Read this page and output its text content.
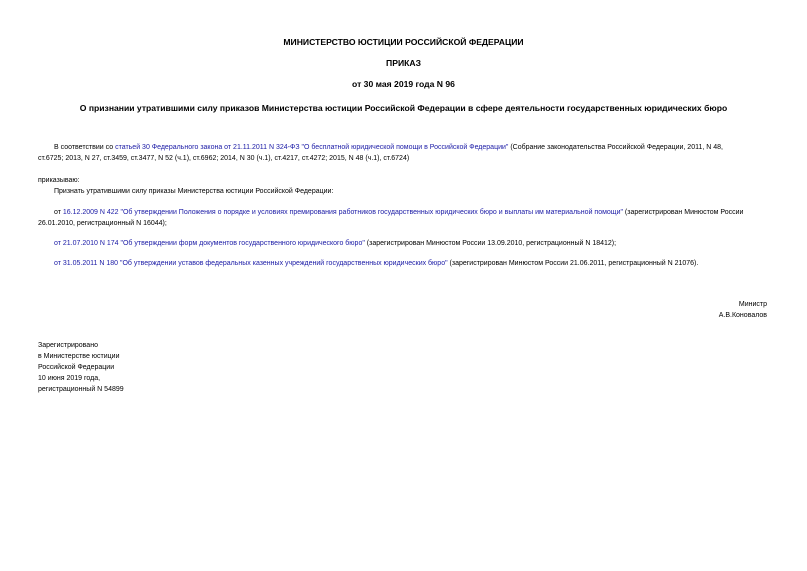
МИНИСТЕРСТВО ЮСТИЦИИ РОССИЙСКОЙ ФЕДЕРАЦИИ
ПРИКАЗ
от 30 мая 2019 года N 96
О признании утратившими силу приказов Министерства юстиции Российской Федерации в сфере деятельности государственных юридических бюро
В соответствии со статьей 30 Федерального закона от 21.11.2011 N 324-ФЗ "О бесплатной юридической помощи в Российской Федерации" (Собрание законодательства Российской Федерации, 2011, N 48,
ст.6725; 2013, N 27, ст.3459, ст.3477, N 52 (ч.1), ст.6962; 2014, N 30 (ч.1), ст.4217, ст.4272; 2015, N 48 (ч.1), ст.6724)
приказываю:
Признать утратившими силу приказы Министерства юстиции Российской Федерации:
от 16.12.2009 N 422 "Об утверждении Положения о порядке и условиях премирования работников государственных юридических бюро и выплаты им материальной помощи" (зарегистрирован Минюстом России
26.01.2010, регистрационный N 16044);
от 21.07.2010 N 174 "Об утверждении форм документов государственного юридического бюро" (зарегистрирован Минюстом России 13.09.2010, регистрационный N 18412);
от 31.05.2011 N 180 "Об утверждении уставов федеральных казенных учреждений государственных юридических бюро" (зарегистрирован Минюстом России 21.06.2011, регистрационный N 21076).
Министр
А.В.Коновалов
Зарегистрировано
в Министерстве юстиции
Российской Федерации
10 июня 2019 года,
регистрационный N 54899
